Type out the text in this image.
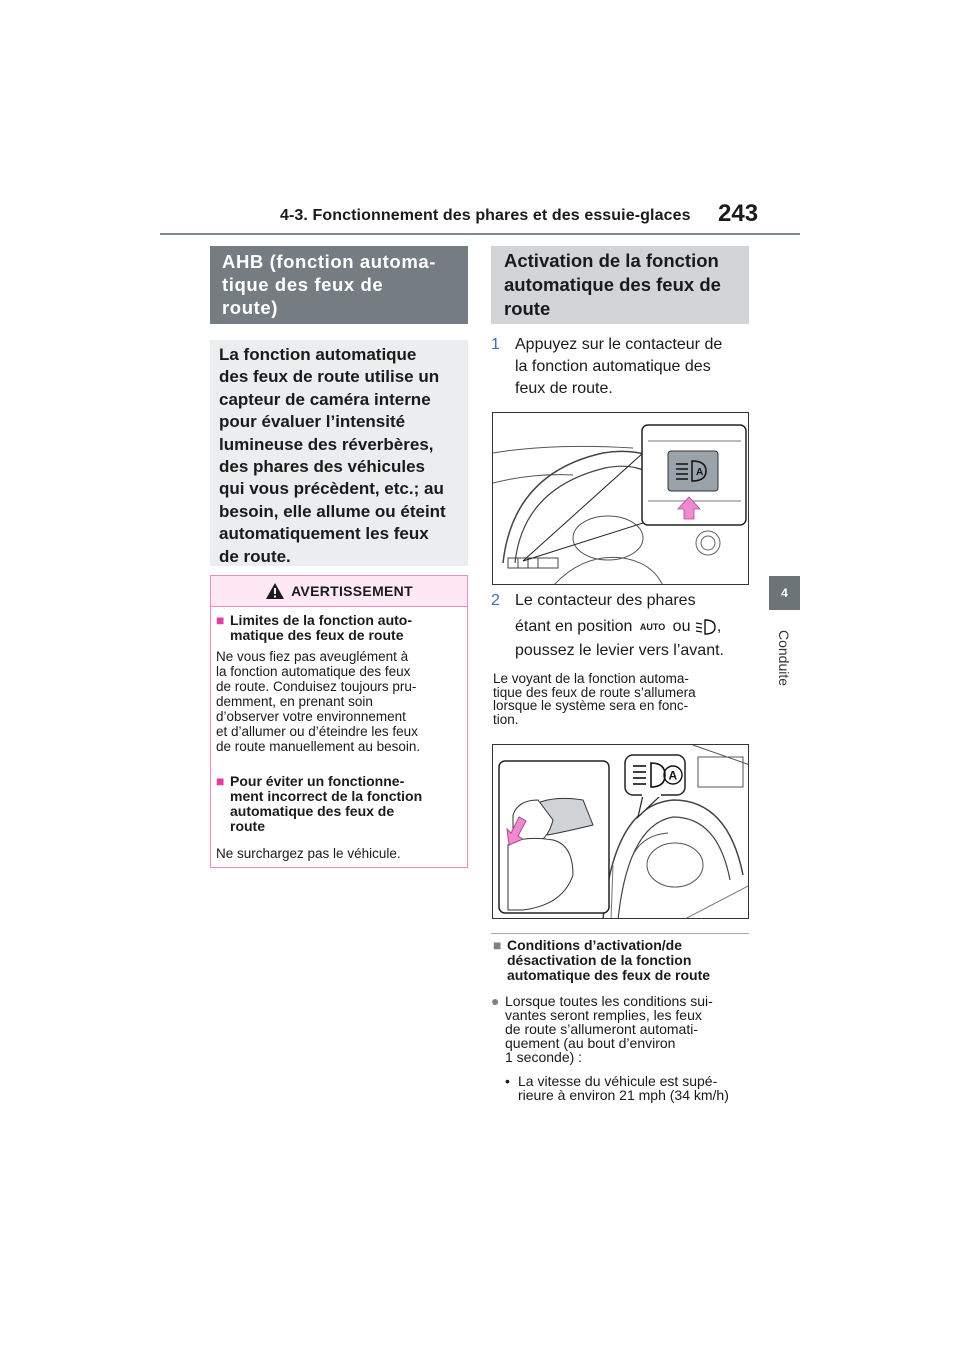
4-3. Fonctionnement des phares et des essuie-glaces 243
4
Conduite
AHB (fonction automa-
tique des feux de
route)
La fonction automatique
des feux de route utilise un
capteur de caméra interne
pour évaluer l’intensité
lumineuse des réverbères,
des phares des véhicules
qui vous précèdent, etc.; au
besoin, elle allume ou éteint
automatiquement les feux
de route.
AVERTISSEMENT
■ Limites de la fonction auto-
matique des feux de route
Ne vous fiez pas aveuglément à
la fonction automatique des feux
de route. Conduisez toujours pru-
demment, en prenant soin
d’observer votre environnement
et d’allumer ou d’éteindre les feux
de route manuellement au besoin.
■ Pour éviter un fonctionne-
ment incorrect de la fonction
automatique des feux de
route
Ne surchargez pas le véhicule.
Activation de la fonction
automatique des feux de
route
1 Appuyez sur le contacteur de
la fonction automatique des
feux de route.
A
2 Le contacteur des phares
étant en position AUTO ou ,
poussez le levier vers l’avant.
Le voyant de la fonction automa-
tique des feux de route s’allumera
lorsque le système sera en fonc-
tion.
A
■ Conditions d’activation/de
désactivation de la fonction
automatique des feux de route
● Lorsque toutes les conditions sui-
vantes seront remplies, les feux
de route s’allumeront automati-
quement (au bout d’environ
1 seconde) :
• La vitesse du véhicule est supé-
rieure à environ 21 mph (34 km/h)
